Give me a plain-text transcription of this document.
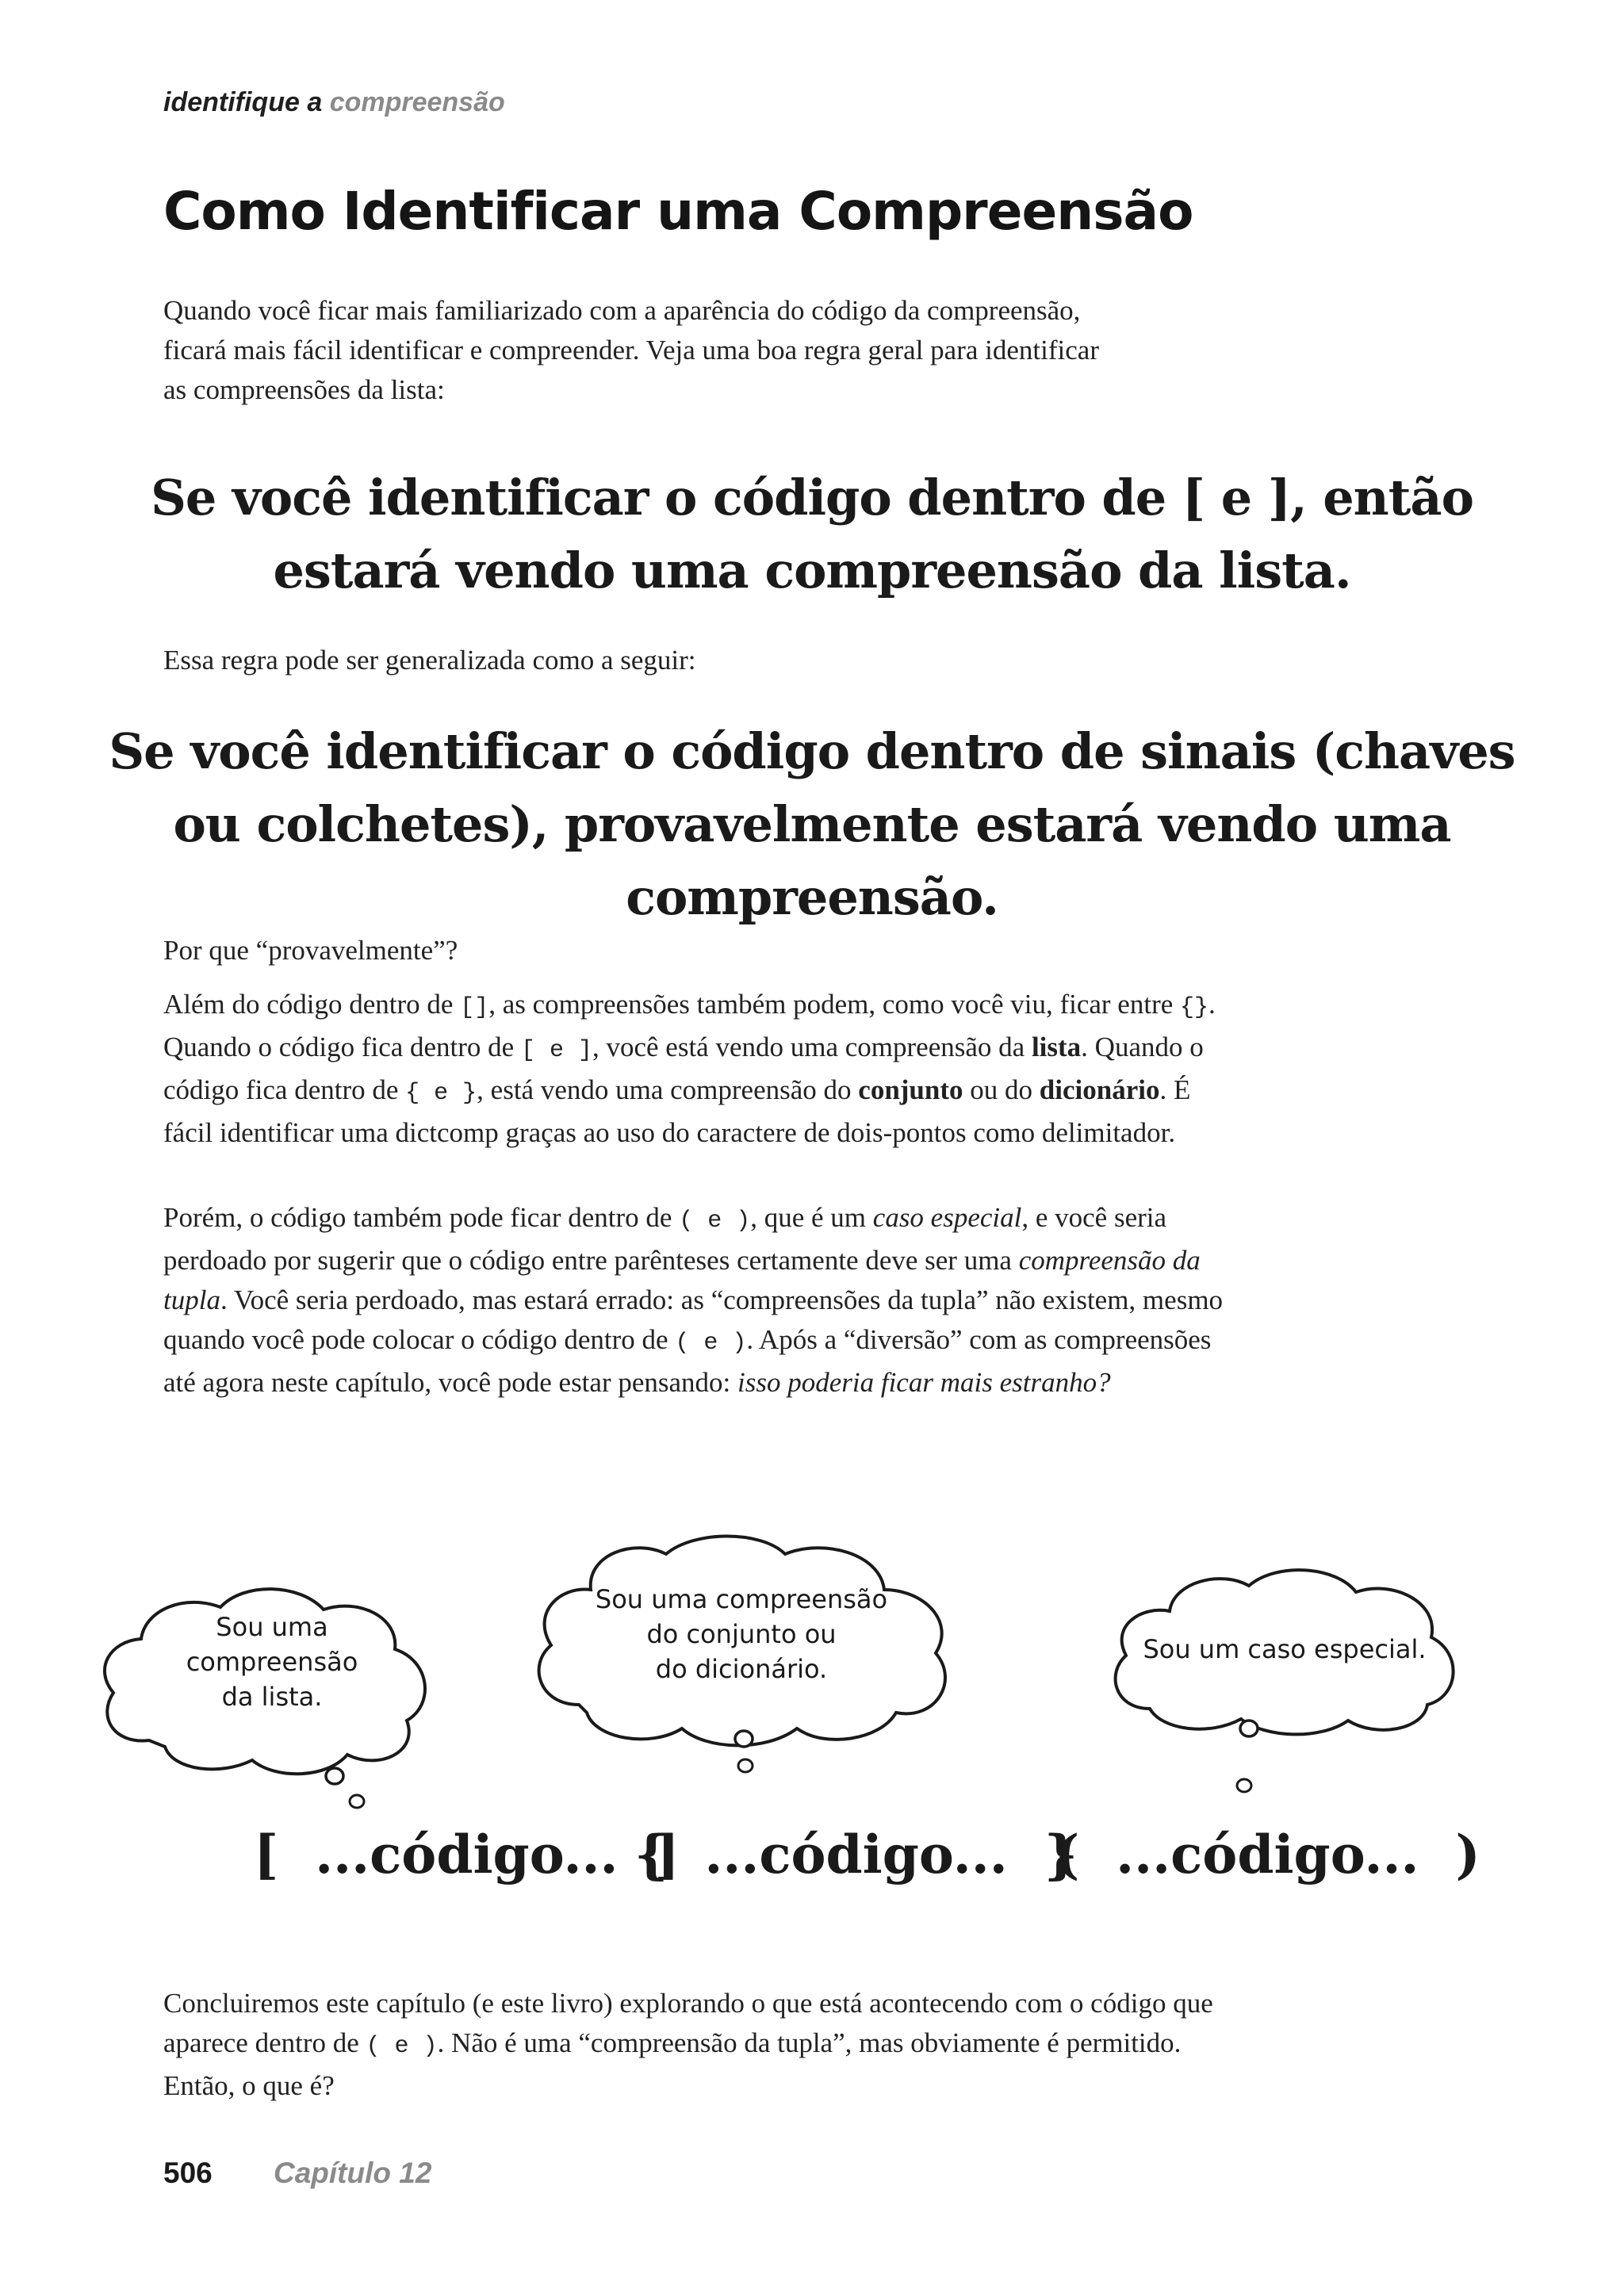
identifique a compreensão
Como Identificar uma Compreensão

Quando você ficar mais familiarizado com a aparência do código da compreensão, ficará mais fácil identificar e compreender. Veja uma boa regra geral para identificar as compreensões da lista:

Se você identificar o código dentro de [ e ], então estará vendo uma compreensão da lista.

Essa regra pode ser generalizada como a seguir:

Se você identificar o código dentro de sinais (chaves ou colchetes), provavelmente estará vendo uma compreensão.

Por que “provavelmente”?

Além do código dentro de [], as compreensões também podem, como você viu, ficar entre {}. Quando o código fica dentro de [ e ], você está vendo uma compreensão da lista. Quando o código fica dentro de { e }, está vendo uma compreensão do conjunto ou do dicionário. É fácil identificar uma dictcomp graças ao uso do caractere de dois-pontos como delimitador.

Porém, o código também pode ficar dentro de ( e ), que é um caso especial, e você seria perdoado por sugerir que o código entre parênteses certamente deve ser uma compreensão da tupla. Você seria perdoado, mas estará errado: as “compreensões da tupla” não existem, mesmo quando você pode colocar o código dentro de ( e ). Após a “diversão” com as compreensões até agora neste capítulo, você pode estar pensando: isso poderia ficar mais estranho?

Sou uma
compreensão
da lista.
Sou uma compreensão
do conjunto ou
do dicionário.
Sou um caso especial.
[  ...código...  ]
{  ...código...  }
(  ...código...  )

Concluiremos este capítulo (e este livro) explorando o que está acontecendo com o código que aparece dentro de ( e ). Não é uma “compreensão da tupla”, mas obviamente é permitido. Então, o que é?

506 Capítulo 12
